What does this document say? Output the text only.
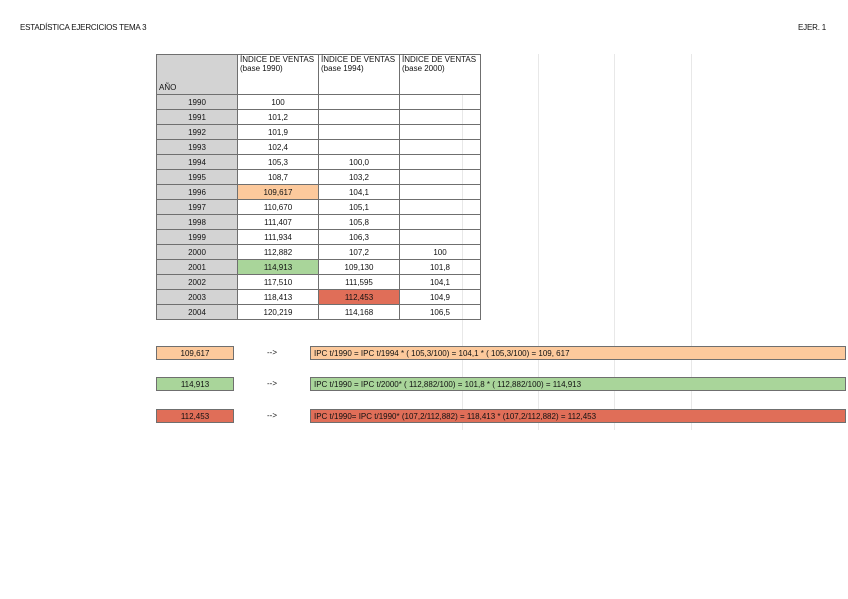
ESTADÍSTICA EJERCICIOS TEMA 3	EJER. 1
AÑO	ÍNDICE DE VENTAS (base 1990)	ÍNDICE DE VENTAS (base 1994)	ÍNDICE DE VENTAS (base 2000)
1990	100		
1991	101,2		
1992	101,9		
1993	102,4		
1994	105,3	100,0	
1995	108,7	103,2	
1996	109,617	104,1	
1997	110,670	105,1	
1998	111,407	105,8	
1999	111,934	106,3	
2000	112,882	107,2	100
2001	114,913	109,130	101,8
2002	117,510	111,595	104,1
2003	118,413	112,453	104,9
2004	120,219	114,168	106,5
109,617	-->	IPC t/1990 = IPC t/1994 * ( 105,3/100) = 104,1 * ( 105,3/100) = 109, 617
114,913	-->	IPC t/1990 = IPC t/2000* ( 112,882/100) = 101,8 * ( 112,882/100) = 114,913
112,453	-->	IPC t/1990= IPC t/1990* (107,2/112,882) = 118,413 * (107,2/112,882) = 112,453
